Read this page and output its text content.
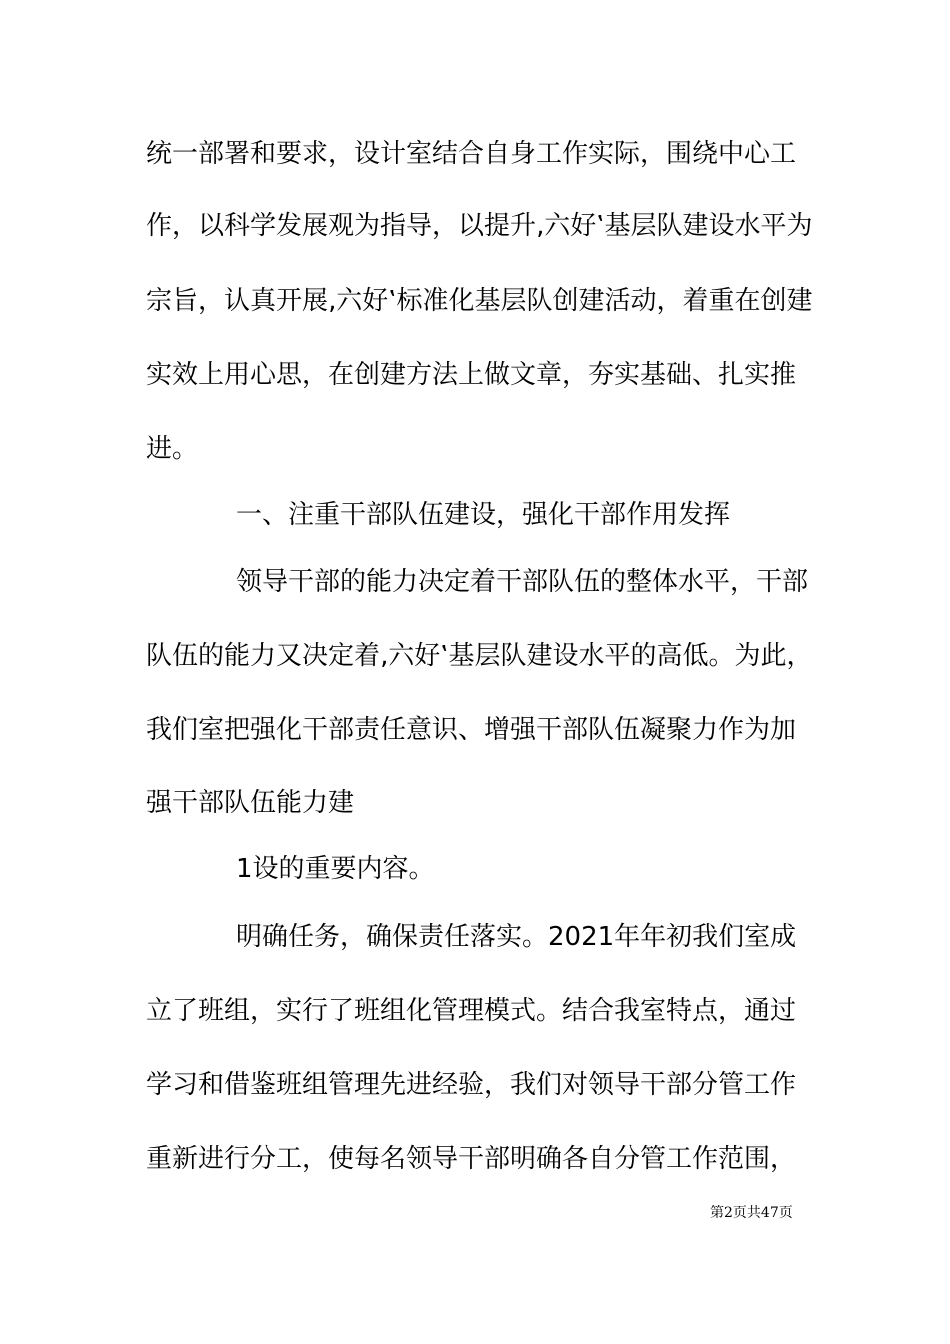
统一部署和要求，设计室结合自身工作实际，围绕中心工
作，以科学发展观为指导，以提升‚六好‛基层队建设水平为
宗旨，认真开展‚六好‛标准化基层队创建活动，着重在创建
实效上用心思，在创建方法上做文章，夯实基础、扎实推
进。
一、注重干部队伍建设，强化干部作用发挥
领导干部的能力决定着干部队伍的整体水平，干部
队伍的能力又决定着‚六好‛基层队建设水平的高低。为此，
我们室把强化干部责任意识、增强干部队伍凝聚力作为加
强干部队伍能力建
1设的重要内容。
明确任务，确保责任落实。2021年年初我们室成
立了班组，实行了班组化管理模式。结合我室特点，通过
学习和借鉴班组管理先进经验，我们对领导干部分管工作
重新进行分工，使每名领导干部明确各自分管工作范围，
第2页共47页
